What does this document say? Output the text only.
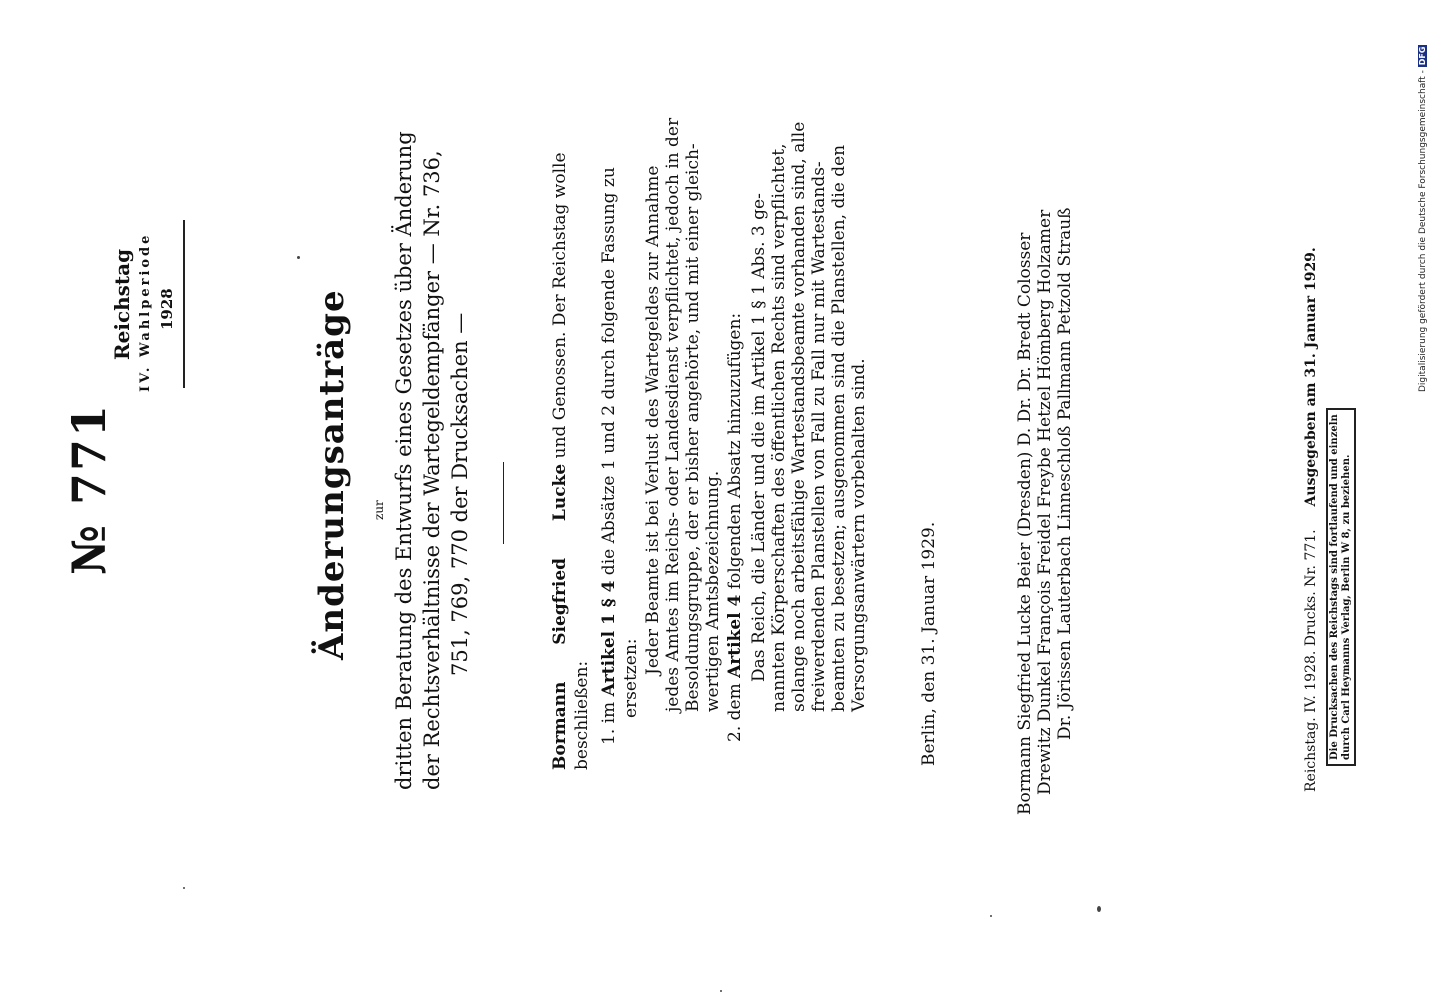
№ 771
Reichstag IV. Wahlperiode 1928	Änderungsanträge	zur dritten Beratung des Entwurfs eines Gesetzes über Änderung der Rechtsverhältnisse der Wartegeldempfänger — Nr. 736, 751, 769, 770 der Drucksachen —
Bormann  Siegfried  Lucke und Genossen. Der Reichstag wolle
beschließen: 1. im Artikel 1 § 4 die Absätze 1 und 2 durch folgende Fassung zu
ersetzen:
Jeder Beamte ist bei Verlust des Wartegeldes zur Annahme jedes Amtes im Reichs- oder Landesdienst verpflichtet, jedoch in der Besoldungsgruppe, der er bisher angehörte, und mit einer gleich- wertigen Amtsbezeichnung.
2. dem Artikel 4 folgenden Absatz hinzuzufügen: Das Reich, die Länder und die im Artikel 1 § 1 Abs. 3 ge- nannten Körperschaften des öffentlichen Rechts sind verpflichtet, solange noch arbeitsfähige Wartestandsbeamte vorhanden sind, alle freiwerdenden Planstellen von Fall zu Fall nur mit Wartestands- beamten zu besetzen; ausgenommen sind die Planstellen, die den Versorgungsanwärtern vorbehalten sind.	Berlin, den 31. Januar 1929.	Bormann Siegfried Lucke Beier (Dresden) D. Dr. Dr. Bredt Colosser Drewitz Dunkel François Freidel Freybe Hetzel Hömberg Holzamer Dr. Jörissen Lauterbach Linneschloß Pallmann Petzold Strauß	Reichstag. IV. 1928. Drucks. Nr. 771.  Ausgegeben am 31. Januar 1929.
Die Drucksachen des Reichstags sind fortlaufend und einzeln durch Carl Heymanns Verlag, Berlin W 8, zu beziehen.
Digitalisierung gefördert durch die Deutsche Forschungsgemeinschaft - DFG
